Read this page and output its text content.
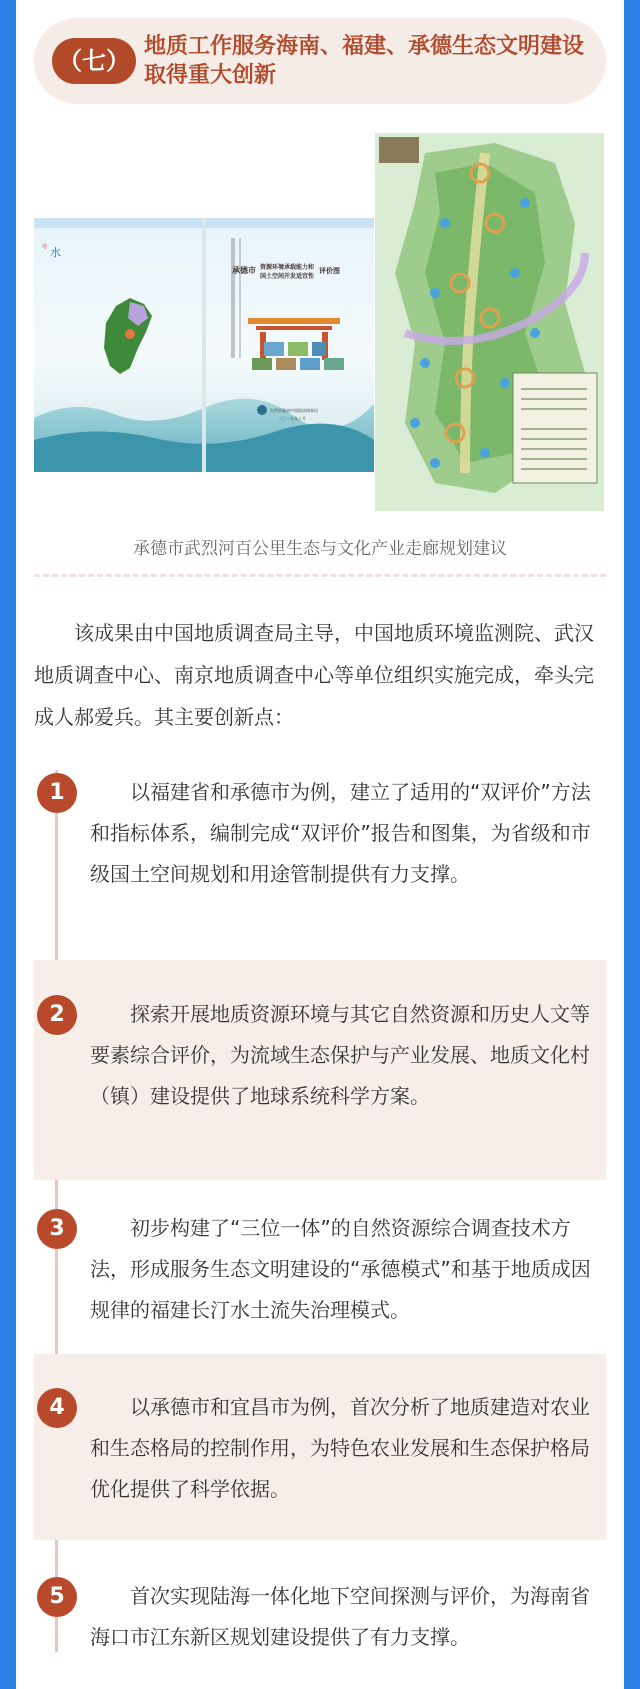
（七） 地质工作服务海南、福建、承德生态文明建设取得重大创新
水
地
承德市 资源环境承载能力和
国土空间开发适宜性
评价图
自然资源部中国地质调查局
二〇一九年十月
承德市武烈河百公里生态与文化产业走廊规划建议
该成果由中国地质调查局主导，中国地质环境监测院、武汉地质调查中心、南京地质调查中心等单位组织实施完成，牵头完成人郝爱兵。其主要创新点：
1	以福建省和承德市为例，建立了适用的“双评价”方法和指标体系，编制完成“双评价”报告和图集，为省级和市级国土空间规划和用途管制提供有力支撑。
2	探索开展地质资源环境与其它自然资源和历史人文等要素综合评价，为流域生态保护与产业发展、地质文化村（镇）建设提供了地球系统科学方案。
3	初步构建了“三位一体”的自然资源综合调查技术方法，形成服务生态文明建设的“承德模式”和基于地质成因规律的福建长汀水土流失治理模式。
4	以承德市和宜昌市为例，首次分析了地质建造对农业和生态格局的控制作用，为特色农业发展和生态保护格局优化提供了科学依据。
5	首次实现陆海一体化地下空间探测与评价，为海南省海口市江东新区规划建设提供了有力支撑。
